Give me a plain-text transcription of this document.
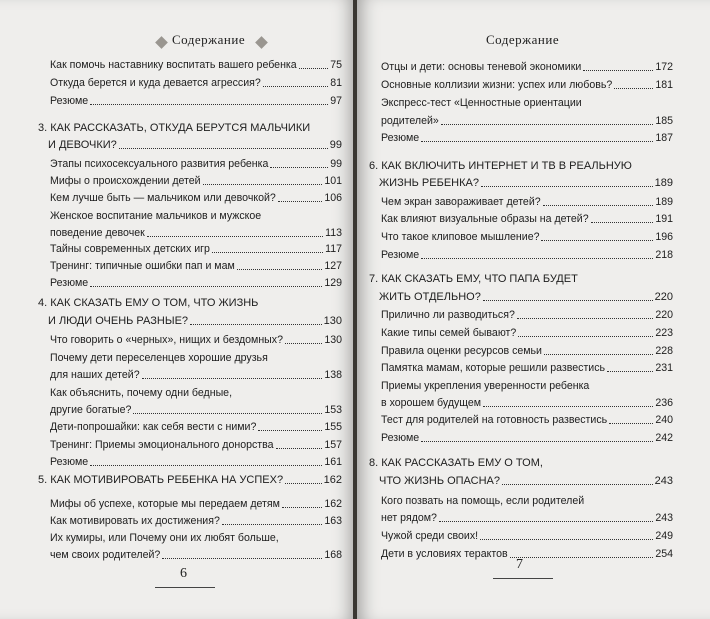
Содержание
Как помочь наставнику воспитать вашего ребенка	75
Откуда берется и куда девается агрессия?	81
Резюме	97
3. КАК РАССКАЗАТЬ, ОТКУДА БЕРУТСЯ МАЛЬЧИКИ
И ДЕВОЧКИ?	99
Этапы психосексуального развития ребенка	99
Мифы о происхождении детей	101
Кем лучше быть — мальчиком или девочкой?	106
Женское воспитание мальчиков и мужское
поведение девочек	113
Тайны современных детских игр	117
Тренинг: типичные ошибки пап и мам	127
Резюме	129
4. КАК СКАЗАТЬ ЕМУ О ТОМ, ЧТО ЖИЗНЬ
И ЛЮДИ ОЧЕНЬ РАЗНЫЕ?	130
Что говорить о «черных», нищих и бездомных?	130
Почему дети переселенцев хорошие друзья
для наших детей?	138
Как объяснить, почему одни бедные,
другие богатые?	153
Дети-попрошайки: как себя вести с ними?	155
Тренинг: Приемы эмоционального донорства	157
Резюме	161
5. КАК МОТИВИРОВАТЬ РЕБЕНКА НА УСПЕХ?	162
Мифы об успехе, которые мы передаем детям	162
Как мотивировать их достижения?	163
Их кумиры, или Почему они их любят больше,
чем своих родителей?	168
6
Содержание
Отцы и дети: основы теневой экономики	172
Основные коллизии жизни: успех или любовь?	181
Экспресс-тест «Ценностные ориентации
родителей»	185
Резюме	187
6. КАК ВКЛЮЧИТЬ ИНТЕРНЕТ И ТВ В РЕАЛЬНУЮ
ЖИЗНЬ РЕБЕНКА?	189
Чем экран завораживает детей?	189
Как влияют визуальные образы на детей?	191
Что такое клиповое мышление?	196
Резюме	218
7. КАК СКАЗАТЬ ЕМУ, ЧТО ПАПА БУДЕТ
ЖИТЬ ОТДЕЛЬНО?	220
Прилично ли разводиться?	220
Какие типы семей бывают?	223
Правила оценки ресурсов семьи	228
Памятка мамам, которые решили развестись	231
Приемы укрепления уверенности ребенка
в хорошем будущем	236
Тест для родителей на готовность развестись	240
Резюме	242
8. КАК РАССКАЗАТЬ ЕМУ О ТОМ,
ЧТО ЖИЗНЬ ОПАСНА?	243
Кого позвать на помощь, если родителей
нет рядом?	243
Чужой среди своих!	249
Дети в условиях терактов	254
7
